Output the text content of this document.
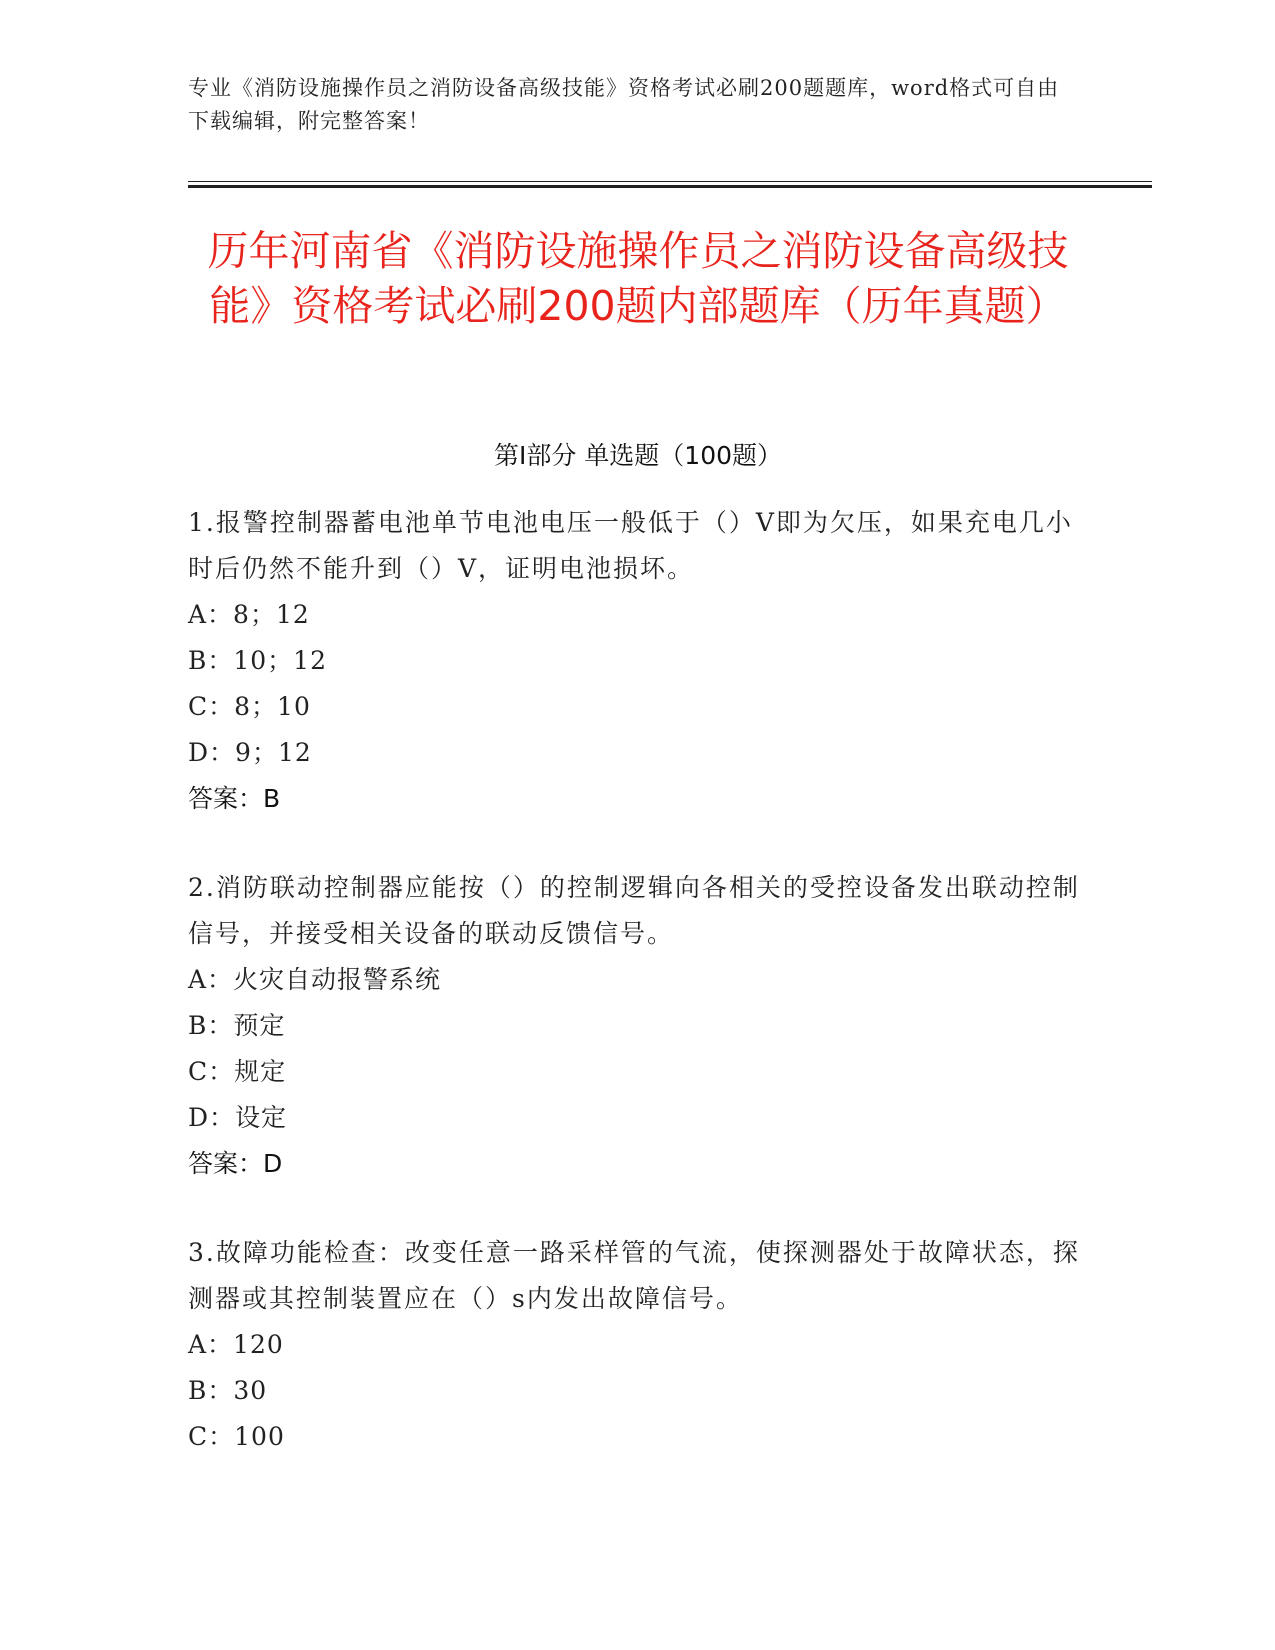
专业《消防设施操作员之消防设备高级技能》资格考试必刷200题题库，word格式可自由下载编辑，附完整答案！
历年河南省《消防设施操作员之消防设备高级技能》资格考试必刷200题内部题库（历年真题）
第I部分 单选题（100题）

1.报警控制器蓄电池单节电池电压一般低于（）V即为欠压，如果充电几小时后仍然不能升到（）V，证明电池损坏。

A：8；12

B：10；12

C：8；10

D：9；12

答案：B

2.消防联动控制器应能按（）的控制逻辑向各相关的受控设备发出联动控制信号，并接受相关设备的联动反馈信号。

A：火灾自动报警系统

B：预定

C：规定

D：设定

答案：D

3.故障功能检查：改变任意一路采样管的气流，使探测器处于故障状态，探测器或其控制装置应在（）s内发出故障信号。

A：120

B：30

C：100
